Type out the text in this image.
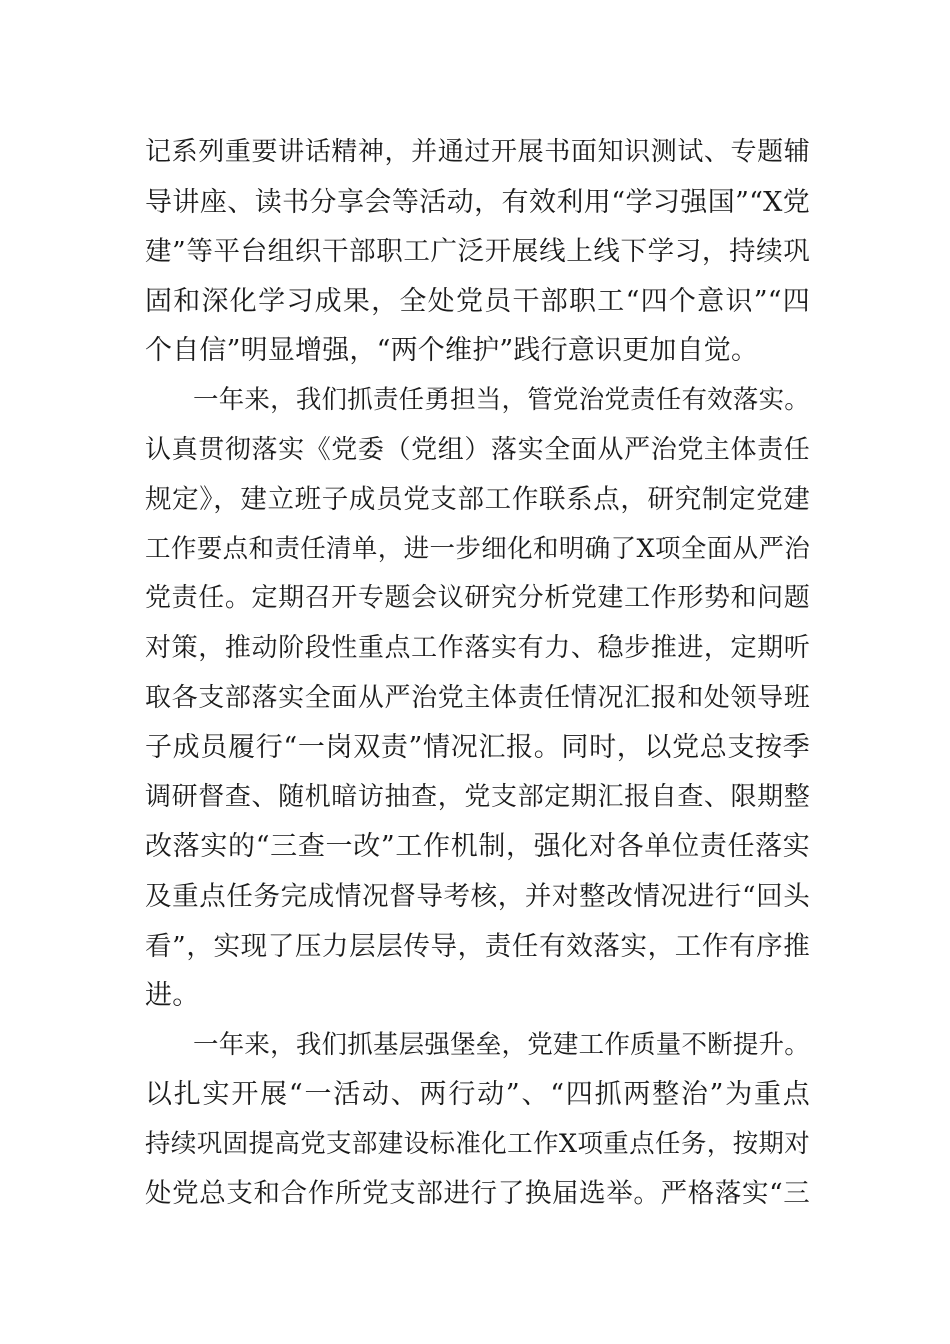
记系列重要讲话精神，并通过开展书面知识测试、专题辅
导讲座、读书分享会等活动，有效利用“学习强国”“X党
建”等平台组织干部职工广泛开展线上线下学习，持续巩
固和深化学习成果，全处党员干部职工“四个意识”“四
个自信”明显增强，“两个维护”践行意识更加自觉。
一年来，我们抓责任勇担当，管党治党责任有效落实。
认真贯彻落实《党委（党组）落实全面从严治党主体责任
规定》，建立班子成员党支部工作联系点，研究制定党建
工作要点和责任清单，进一步细化和明确了X项全面从严治
党责任。定期召开专题会议研究分析党建工作形势和问题
对策，推动阶段性重点工作落实有力、稳步推进，定期听
取各支部落实全面从严治党主体责任情况汇报和处领导班
子成员履行“一岗双责”情况汇报。同时，以党总支按季
调研督查、随机暗访抽查，党支部定期汇报自查、限期整
改落实的“三查一改”工作机制，强化对各单位责任落实
及重点任务完成情况督导考核，并对整改情况进行“回头
看”，实现了压力层层传导，责任有效落实，工作有序推
进。
一年来，我们抓基层强堡垒，党建工作质量不断提升。
以扎实开展“一活动、两行动”、“四抓两整治”为重点
持续巩固提高党支部建设标准化工作X项重点任务，按期对
处党总支和合作所党支部进行了换届选举。严格落实“三
